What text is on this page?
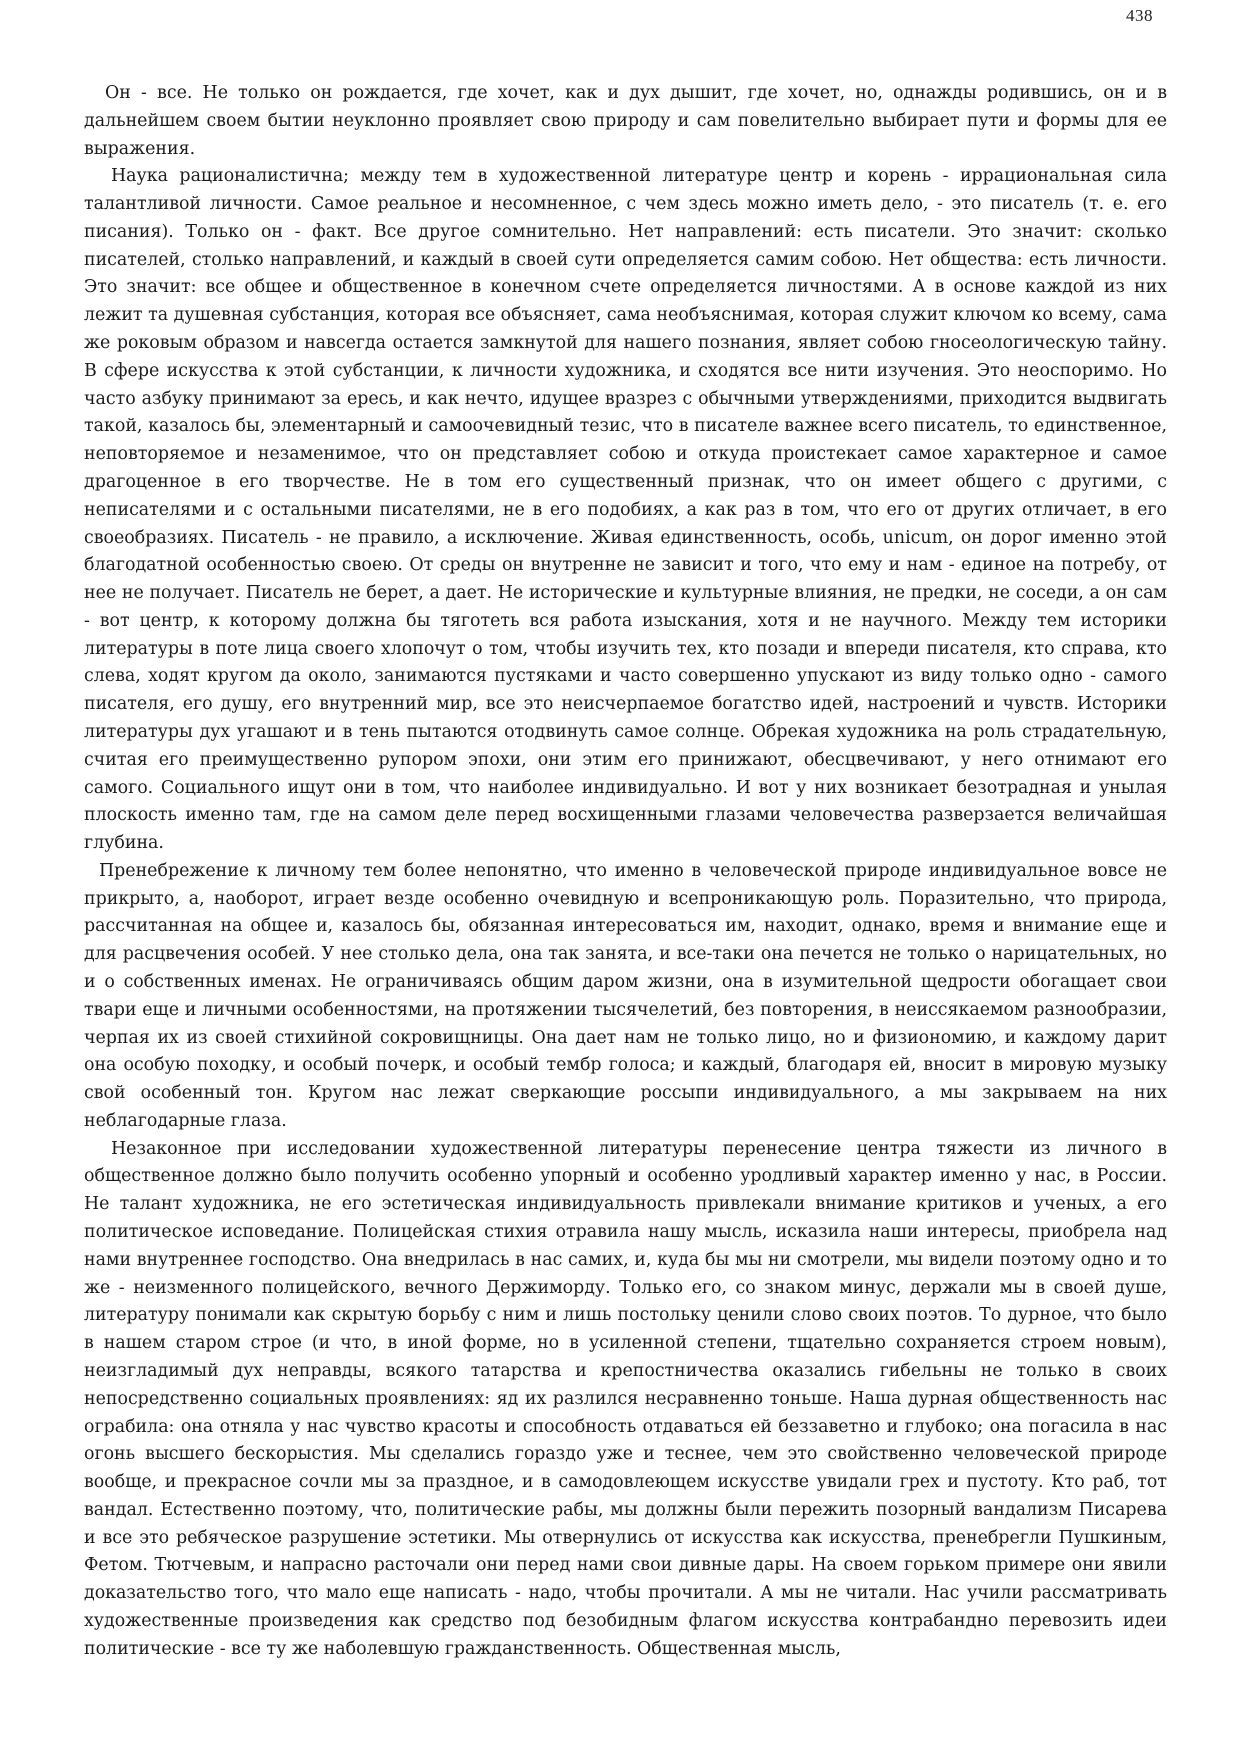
438

Он - все. Не только он рождается, где хочет, как и дух дышит, где хочет, но, однажды родившись, он и в дальнейшем своем бытии неуклонно проявляет свою природу и сам повелительно выбирает пути и формы для ее выражения.

Наука рационалистична; между тем в художественной литературе центр и корень - иррациональная сила талантливой личности. Самое реальное и несомненное, с чем здесь можно иметь дело, - это писатель (т. е. его писания). Только он - факт. Все другое сомнительно. Нет направлений: есть писатели. Это значит: сколько писателей, столько направлений, и каждый в своей сути определяется самим собою. Нет общества: есть личности. Это значит: все общее и общественное в конечном счете определяется личностями. А в основе каждой из них лежит та душевная субстанция, которая все объясняет, сама необъяснимая, которая служит ключом ко всему, сама же роковым образом и навсегда остается замкнутой для нашего познания, являет собою гносеологическую тайну. В сфере искусства к этой субстанции, к личности художника, и сходятся все нити изучения. Это неоспоримо. Но часто азбуку принимают за ересь, и как нечто, идущее вразрез с обычными утверждениями, приходится выдвигать такой, казалось бы, элементарный и самоочевидный тезис, что в писателе важнее всего писатель, то единственное, неповторяемое и незаменимое, что он представляет собою и откуда проистекает самое характерное и самое драгоценное в его творчестве. Не в том его существенный признак, что он имеет общего с другими, с неписателями и с остальными писателями, не в его подобиях, а как раз в том, что его от других отличает, в его своеобразиях. Писатель - не правило, а исключение. Живая единственность, особь, unicum, он дорог именно этой благодатной особенностью своею. От среды он внутренне не зависит и того, что ему и нам - единое на потребу, от нее не получает. Писатель не берет, а дает. Не исторические и культурные влияния, не предки, не соседи, а он сам - вот центр, к которому должна бы тяготеть вся работа изыскания, хотя и не научного. Между тем историки литературы в поте лица своего хлопочут о том, чтобы изучить тех, кто позади и впереди писателя, кто справа, кто слева, ходят кругом да около, занимаются пустяками и часто совершенно упускают из виду только одно - самого писателя, его душу, его внутренний мир, все это неисчерпаемое богатство идей, настроений и чувств. Историки литературы дух угашают и в тень пытаются отодвинуть самое солнце. Обрекая художника на роль страдательную, считая его преимущественно рупором эпохи, они этим его принижают, обесцвечивают, у него отнимают его самого. Социального ищут они в том, что наиболее индивидуально. И вот у них возникает безотрадная и унылая плоскость именно там, где на самом деле перед восхищенными глазами человечества разверзается величайшая глубина.

Пренебрежение к личному тем более непонятно, что именно в человеческой природе индивидуальное вовсе не прикрыто, а, наоборот, играет везде особенно очевидную и всепроникающую роль. Поразительно, что природа, рассчитанная на общее и, казалось бы, обязанная интересоваться им, находит, однако, время и внимание еще и для расцвечения особей. У нее столько дела, она так занята, и все-таки она печется не только о нарицательных, но и о собственных именах. Не ограничиваясь общим даром жизни, она в изумительной щедрости обогащает свои твари еще и личными особенностями, на протяжении тысячелетий, без повторения, в неиссякаемом разнообразии, черпая их из своей стихийной сокровищницы. Она дает нам не только лицо, но и физиономию, и каждому дарит она особую походку, и особый почерк, и особый тембр голоса; и каждый, благодаря ей, вносит в мировую музыку свой особенный тон. Кругом нас лежат сверкающие россыпи индивидуального, а мы закрываем на них неблагодарные глаза.

Незаконное при исследовании художественной литературы перенесение центра тяжести из личного в общественное должно было получить особенно упорный и особенно уродливый характер именно у нас, в России. Не талант художника, не его эстетическая индивидуальность привлекали внимание критиков и ученых, а его политическое исповедание. Полицейская стихия отравила нашу мысль, исказила наши интересы, приобрела над нами внутреннее господство. Она внедрилась в нас самих, и, куда бы мы ни смотрели, мы видели поэтому одно и то же - неизменного полицейского, вечного Держиморду. Только его, со знаком минус, держали мы в своей душе, литературу понимали как скрытую борьбу с ним и лишь постольку ценили слово своих поэтов. То дурное, что было в нашем старом строе (и что, в иной форме, но в усиленной степени, тщательно сохраняется строем новым), неизгладимый дух неправды, всякого татарства и крепостничества оказались гибельны не только в своих непосредственно социальных проявлениях: яд их разлился несравненно тоньше. Наша дурная общественность нас ограбила: она отняла у нас чувство красоты и способность отдаваться ей беззаветно и глубоко; она погасила в нас огонь высшего бескорыстия. Мы сделались гораздо уже и теснее, чем это свойственно человеческой природе вообще, и прекрасное сочли мы за праздное, и в самодовлеющем искусстве увидали грех и пустоту. Кто раб, тот вандал. Естественно поэтому, что, политические рабы, мы должны были пережить позорный вандализм Писарева и все это ребяческое разрушение эстетики. Мы отвернулись от искусства как искусства, пренебрегли Пушкиным, Фетом. Тютчевым, и напрасно расточали они перед нами свои дивные дары. На своем горьком примере они явили доказательство того, что мало еще написать - надо, чтобы прочитали. А мы не читали. Нас учили рассматривать художественные произведения как средство под безобидным флагом искусства контрабандно перевозить идеи политические - все ту же наболевшую гражданственность. Общественная мысль,
